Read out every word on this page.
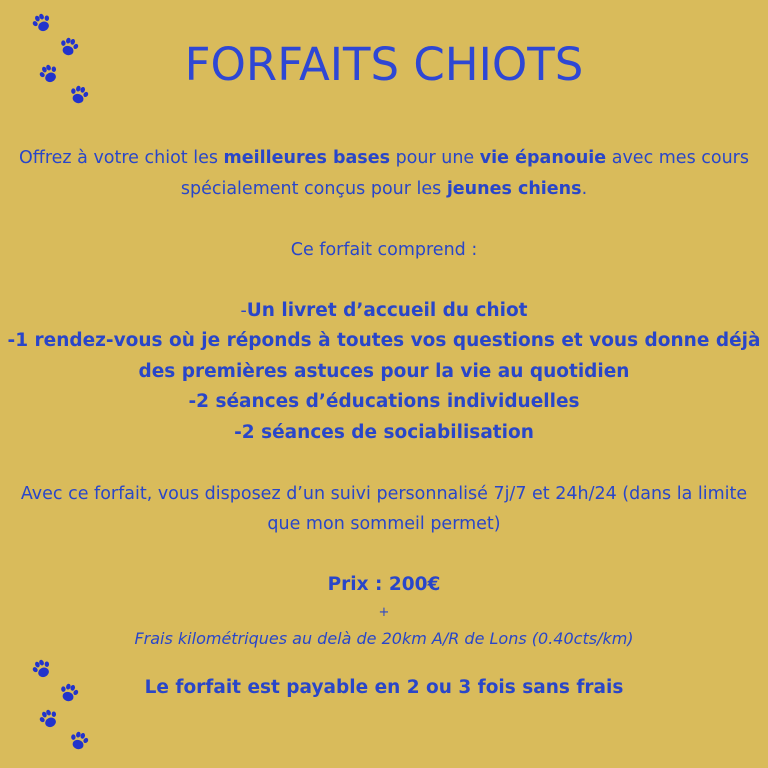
FORFAITS CHIOTS

Offrez à votre chiot les meilleures bases pour une vie épanouie avec mes cours spécialement conçus pour les jeunes chiens.

Ce forfait comprend :

-Un livret d’accueil du chiot

-1 rendez-vous où je réponds à toutes vos questions et vous donne déjà des premières astuces pour la vie au quotidien

-2 séances d’éducations individuelles

-2 séances de sociabilisation

Avec ce forfait, vous disposez d’un suivi personnalisé 7j/7 et 24h/24 (dans la limite que mon sommeil permet)

Prix : 200€

+

Frais kilométriques au delà de 20km A/R de Lons (0.40cts/km)

Le forfait est payable en 2 ou 3 fois sans frais
